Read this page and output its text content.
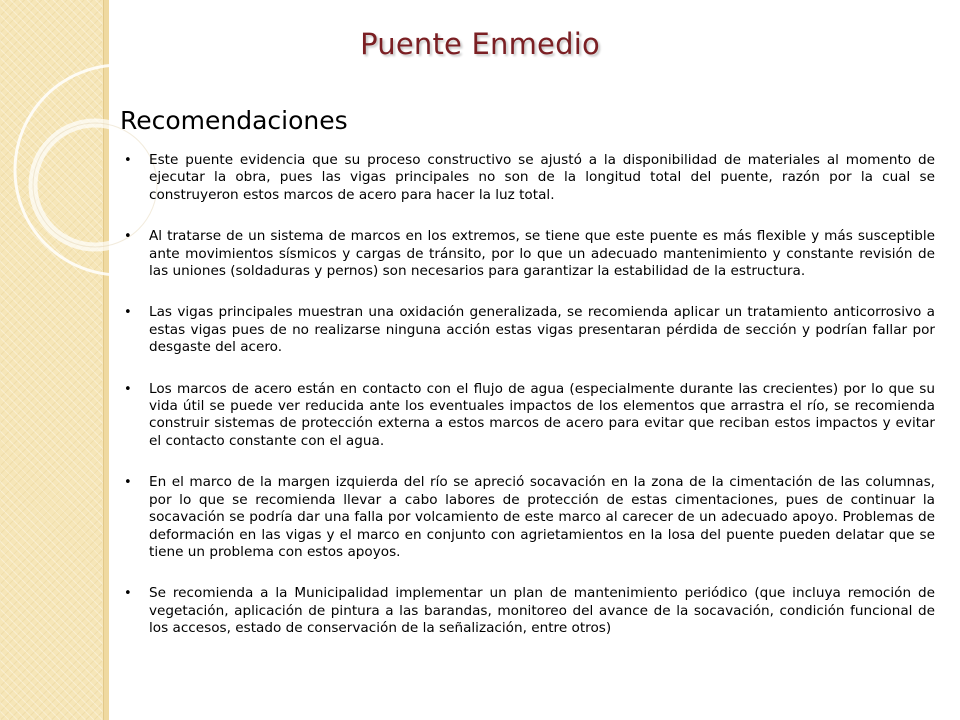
Puente Enmedio
Recomendaciones
• Este puente evidencia que su proceso constructivo se ajustó a la disponibilidad de materiales al momento de ejecutar la obra, pues las vigas principales no son de la longitud total del puente, razón por la cual se construyeron estos marcos de acero para hacer la luz total.
• Al tratarse de un sistema de marcos en los extremos, se tiene que este puente es más flexible y más susceptible ante movimientos sísmicos y cargas de tránsito, por lo que un adecuado mantenimiento y constante revisión de las uniones (soldaduras y pernos) son necesarios para garantizar la estabilidad de la estructura.
• Las vigas principales muestran una oxidación generalizada, se recomienda aplicar un tratamiento anticorrosivo a estas vigas pues de no realizarse ninguna acción estas vigas presentaran pérdida de sección y podrían fallar por desgaste del acero.
• Los marcos de acero están en contacto con el flujo de agua (especialmente durante las crecientes) por lo que su vida útil se puede ver reducida ante los eventuales impactos de los elementos que arrastra el río, se recomienda construir sistemas de protección externa a estos marcos de acero para evitar que reciban estos impactos y evitar el contacto constante con el agua.
• En el marco de la margen izquierda del río se apreció socavación en la zona de la cimentación de las columnas, por lo que se recomienda llevar a cabo labores de protección de estas cimentaciones, pues de continuar la socavación se podría dar una falla por volcamiento de este marco al carecer de un adecuado apoyo. Problemas de deformación en las vigas y el marco en conjunto con agrietamientos en la losa del puente pueden delatar que se tiene un problema con estos apoyos.
• Se recomienda a la Municipalidad implementar un plan de mantenimiento periódico (que incluya remoción de vegetación, aplicación de pintura a las barandas, monitoreo del avance de la socavación, condición funcional de los accesos, estado de conservación de la señalización, entre otros)
